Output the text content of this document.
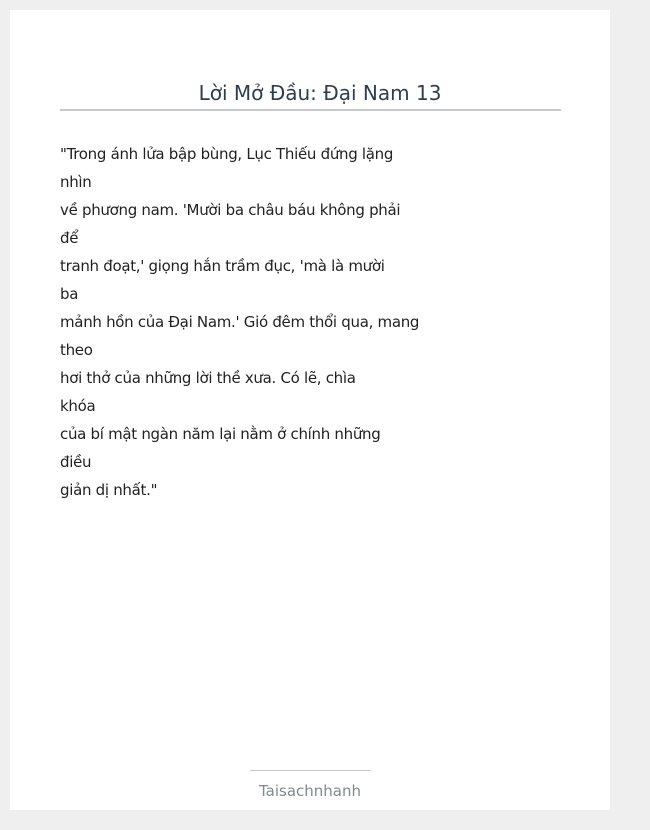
Lời Mở Đầu: Đại Nam 13
"Trong ánh lửa bập bùng, Lục Thiếu đứng lặng
nhìn
về phương nam. 'Mười ba châu báu không phải
để
tranh đoạt,' giọng hắn trầm đục, 'mà là mười
ba
mảnh hồn của Đại Nam.' Gió đêm thổi qua, mang
theo
hơi thở của những lời thề xưa. Có lẽ, chìa
khóa
của bí mật ngàn năm lại nằm ở chính những
điều
giản dị nhất."
Taisachnhanh
